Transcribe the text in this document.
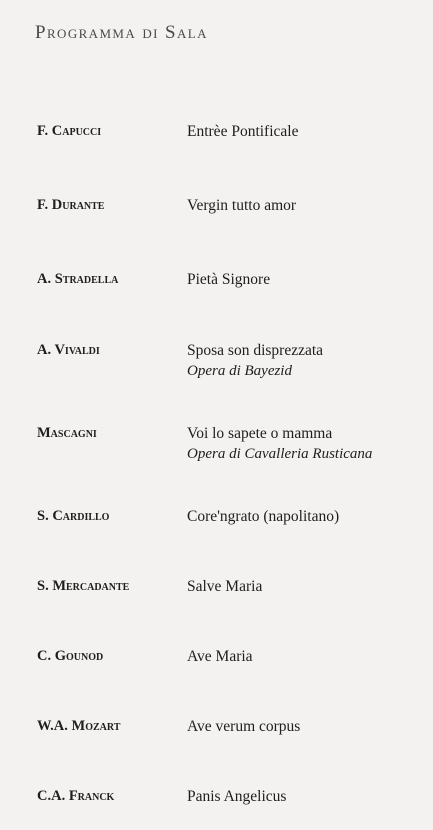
Programma di Sala
F. Capucci	Entrèe Pontificale
F. Durante	Vergin tutto amor
A. Stradella	Pietà Signore
A. Vivaldi	Sposa son disprezzata
Opera di Bayezid
Mascagni	Voi lo sapete o mamma
Opera di Cavalleria Rusticana
S. Cardillo	Core'ngrato (napolitano)
S. Mercadante	Salve Maria
C. Gounod	Ave Maria
W.A. Mozart	Ave verum corpus
C.A. Franck	Panis Angelicus
